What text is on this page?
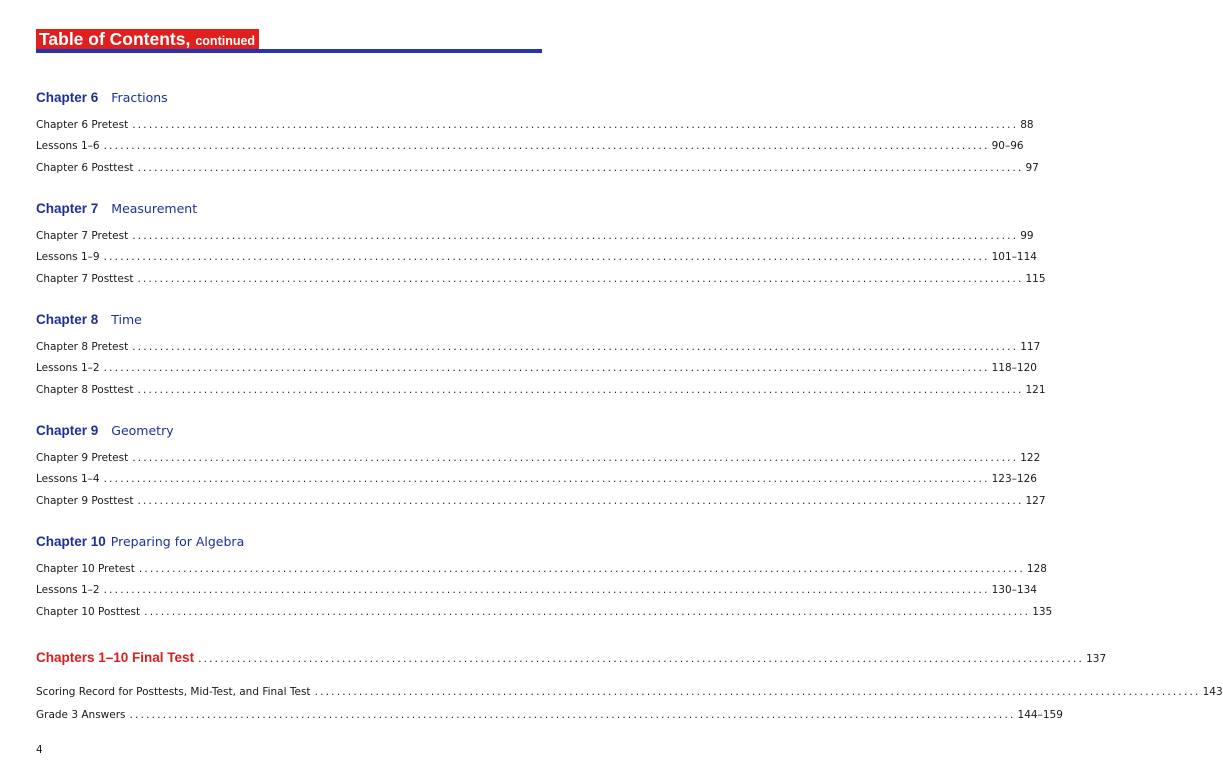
Table of Contents, continued
Chapter 6 Fractions
Chapter 6 Pretest ................................................................................................................................................................ 88
Lessons 1–6 ................................................................................................................................................................ 90–96
Chapter 6 Posttest ................................................................................................................................................................ 97
Chapter 7 Measurement
Chapter 7 Pretest ................................................................................................................................................................ 99
Lessons 1–9 ................................................................................................................................................................ 101–114
Chapter 7 Posttest ................................................................................................................................................................ 115
Chapter 8 Time
Chapter 8 Pretest ................................................................................................................................................................ 117
Lessons 1–2 ................................................................................................................................................................ 118–120
Chapter 8 Posttest ................................................................................................................................................................ 121
Chapter 9 Geometry
Chapter 9 Pretest ................................................................................................................................................................ 122
Lessons 1–4 ................................................................................................................................................................ 123–126
Chapter 9 Posttest ................................................................................................................................................................ 127
Chapter 10 Preparing for Algebra
Chapter 10 Pretest ................................................................................................................................................................ 128
Lessons 1–2 ................................................................................................................................................................ 130–134
Chapter 10 Posttest ................................................................................................................................................................ 135
Chapters 1–10 Final Test ................................................................................................................................................................ 137
Scoring Record for Posttests, Mid-Test, and Final Test ................................................................................................................................................................ 143
Grade 3 Answers ................................................................................................................................................................ 144–159
4
